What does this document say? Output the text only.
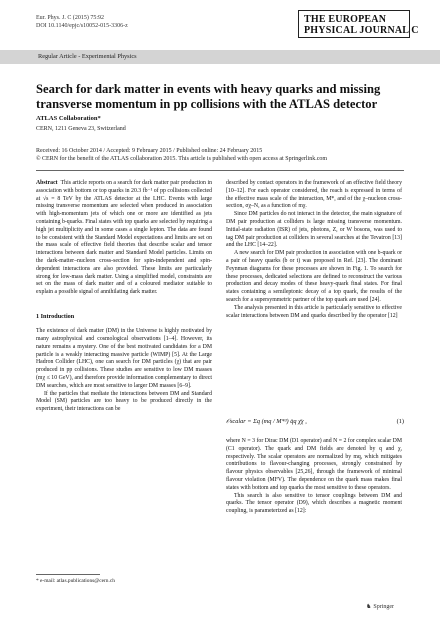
Eur. Phys. J. C (2015) 75:92
DOI 10.1140/epjc/s10052-015-3306-z
THE EUROPEAN
PHYSICAL JOURNAL C
Regular Article - Experimental Physics
Search for dark matter in events with heavy quarks and missing transverse momentum in pp collisions with the ATLAS detector
ATLAS Collaboration*
CERN, 1211 Geneva 23, Switzerland
Received: 16 October 2014 / Accepted: 9 February 2015 / Published online: 24 February 2015
© CERN for the benefit of the ATLAS collaboration 2015. This article is published with open access at Springerlink.com

Abstract This article reports on a search for dark matter pair production in association with bottom or top quarks in 20.3 fb⁻¹ of pp collisions collected at √s = 8 TeV by the ATLAS detector at the LHC. Events with large missing transverse momentum are selected when produced in association with high-momentum jets of which one or more are identified as jets containing b-quarks. Final states with top quarks are selected by requiring a high jet multiplicity and in some cases a single lepton. The data are found to be consistent with the Standard Model expectations and limits are set on the mass scale of effective field theories that describe scalar and tensor interactions between dark matter and Standard Model particles. Limits on the dark-matter–nucleon cross-section for spin-independent and spin-dependent interactions are also provided. These limits are particularly strong for low-mass dark matter. Using a simplified model, constraints are set on the mass of dark matter and of a coloured mediator suitable to explain a possible signal of annihilating dark matter.

1 Introduction

The existence of dark matter (DM) in the Universe is highly motivated by many astrophysical and cosmological observations [1–4]. However, its nature remains a mystery. One of the best motivated candidates for a DM particle is a weakly interacting massive particle (WIMP) [5]. At the Large Hadron Collider (LHC), one can search for DM particles (χ) that are pair produced in pp collisions. These studies are sensitive to low DM masses (mχ ≤ 10 GeV), and therefore provide information complementary to direct DM searches, which are most sensitive to larger DM masses [6–9].

If the particles that mediate the interactions between DM and Standard Model (SM) particles are too heavy to be produced directly in the experiment, their interactions can be

described by contact operators in the framework of an effective field theory [10–12]. For each operator considered, the reach is expressed in terms of the effective mass scale of the interaction, M*, and of the χ–nucleon cross-section, σχ–N, as a function of mχ.

Since DM particles do not interact in the detector, the main signature of DM pair production at colliders is large missing transverse momentum. Initial-state radiation (ISR) of jets, photons, Z, or W bosons, was used to tag DM pair production at colliders in several searches at the Tevatron [13] and the LHC [14–22].

A new search for DM pair production in association with one b-quark or a pair of heavy quarks (b or t) was proposed in Ref. [23]. The dominant Feynman diagrams for these processes are shown in Fig. 1. To search for these processes, dedicated selections are defined to reconstruct the various production and decay modes of these heavy-quark final states. For final states containing a semileptonic decay of a top quark, the results of the search for a supersymmetric partner of the top quark are used [24].

The analysis presented in this article is particularly sensitive to effective scalar interactions between DM and quarks described by the operator [12]

𝒪scalar = Σq (mq / M*³) q̄q χ̄χ ,	(1)

where N = 3 for Dirac DM (D1 operator) and N = 2 for complex scalar DM (C1 operator). The quark and DM fields are denoted by q and χ, respectively. The scalar operators are normalized by mq, which mitigates contributions to flavour-changing processes, strongly constrained by flavour physics observables [25,26], through the framework of minimal flavour violation (MFV). The dependence on the quark mass makes final states with bottom and top quarks the most sensitive to these operators.

This search is also sensitive to tensor couplings between DM and quarks. The tensor operator (D9), which describes a magnetic moment coupling, is parameterized as [12]:

* e-mail: atlas.publications@cern.ch
♞ Springer
